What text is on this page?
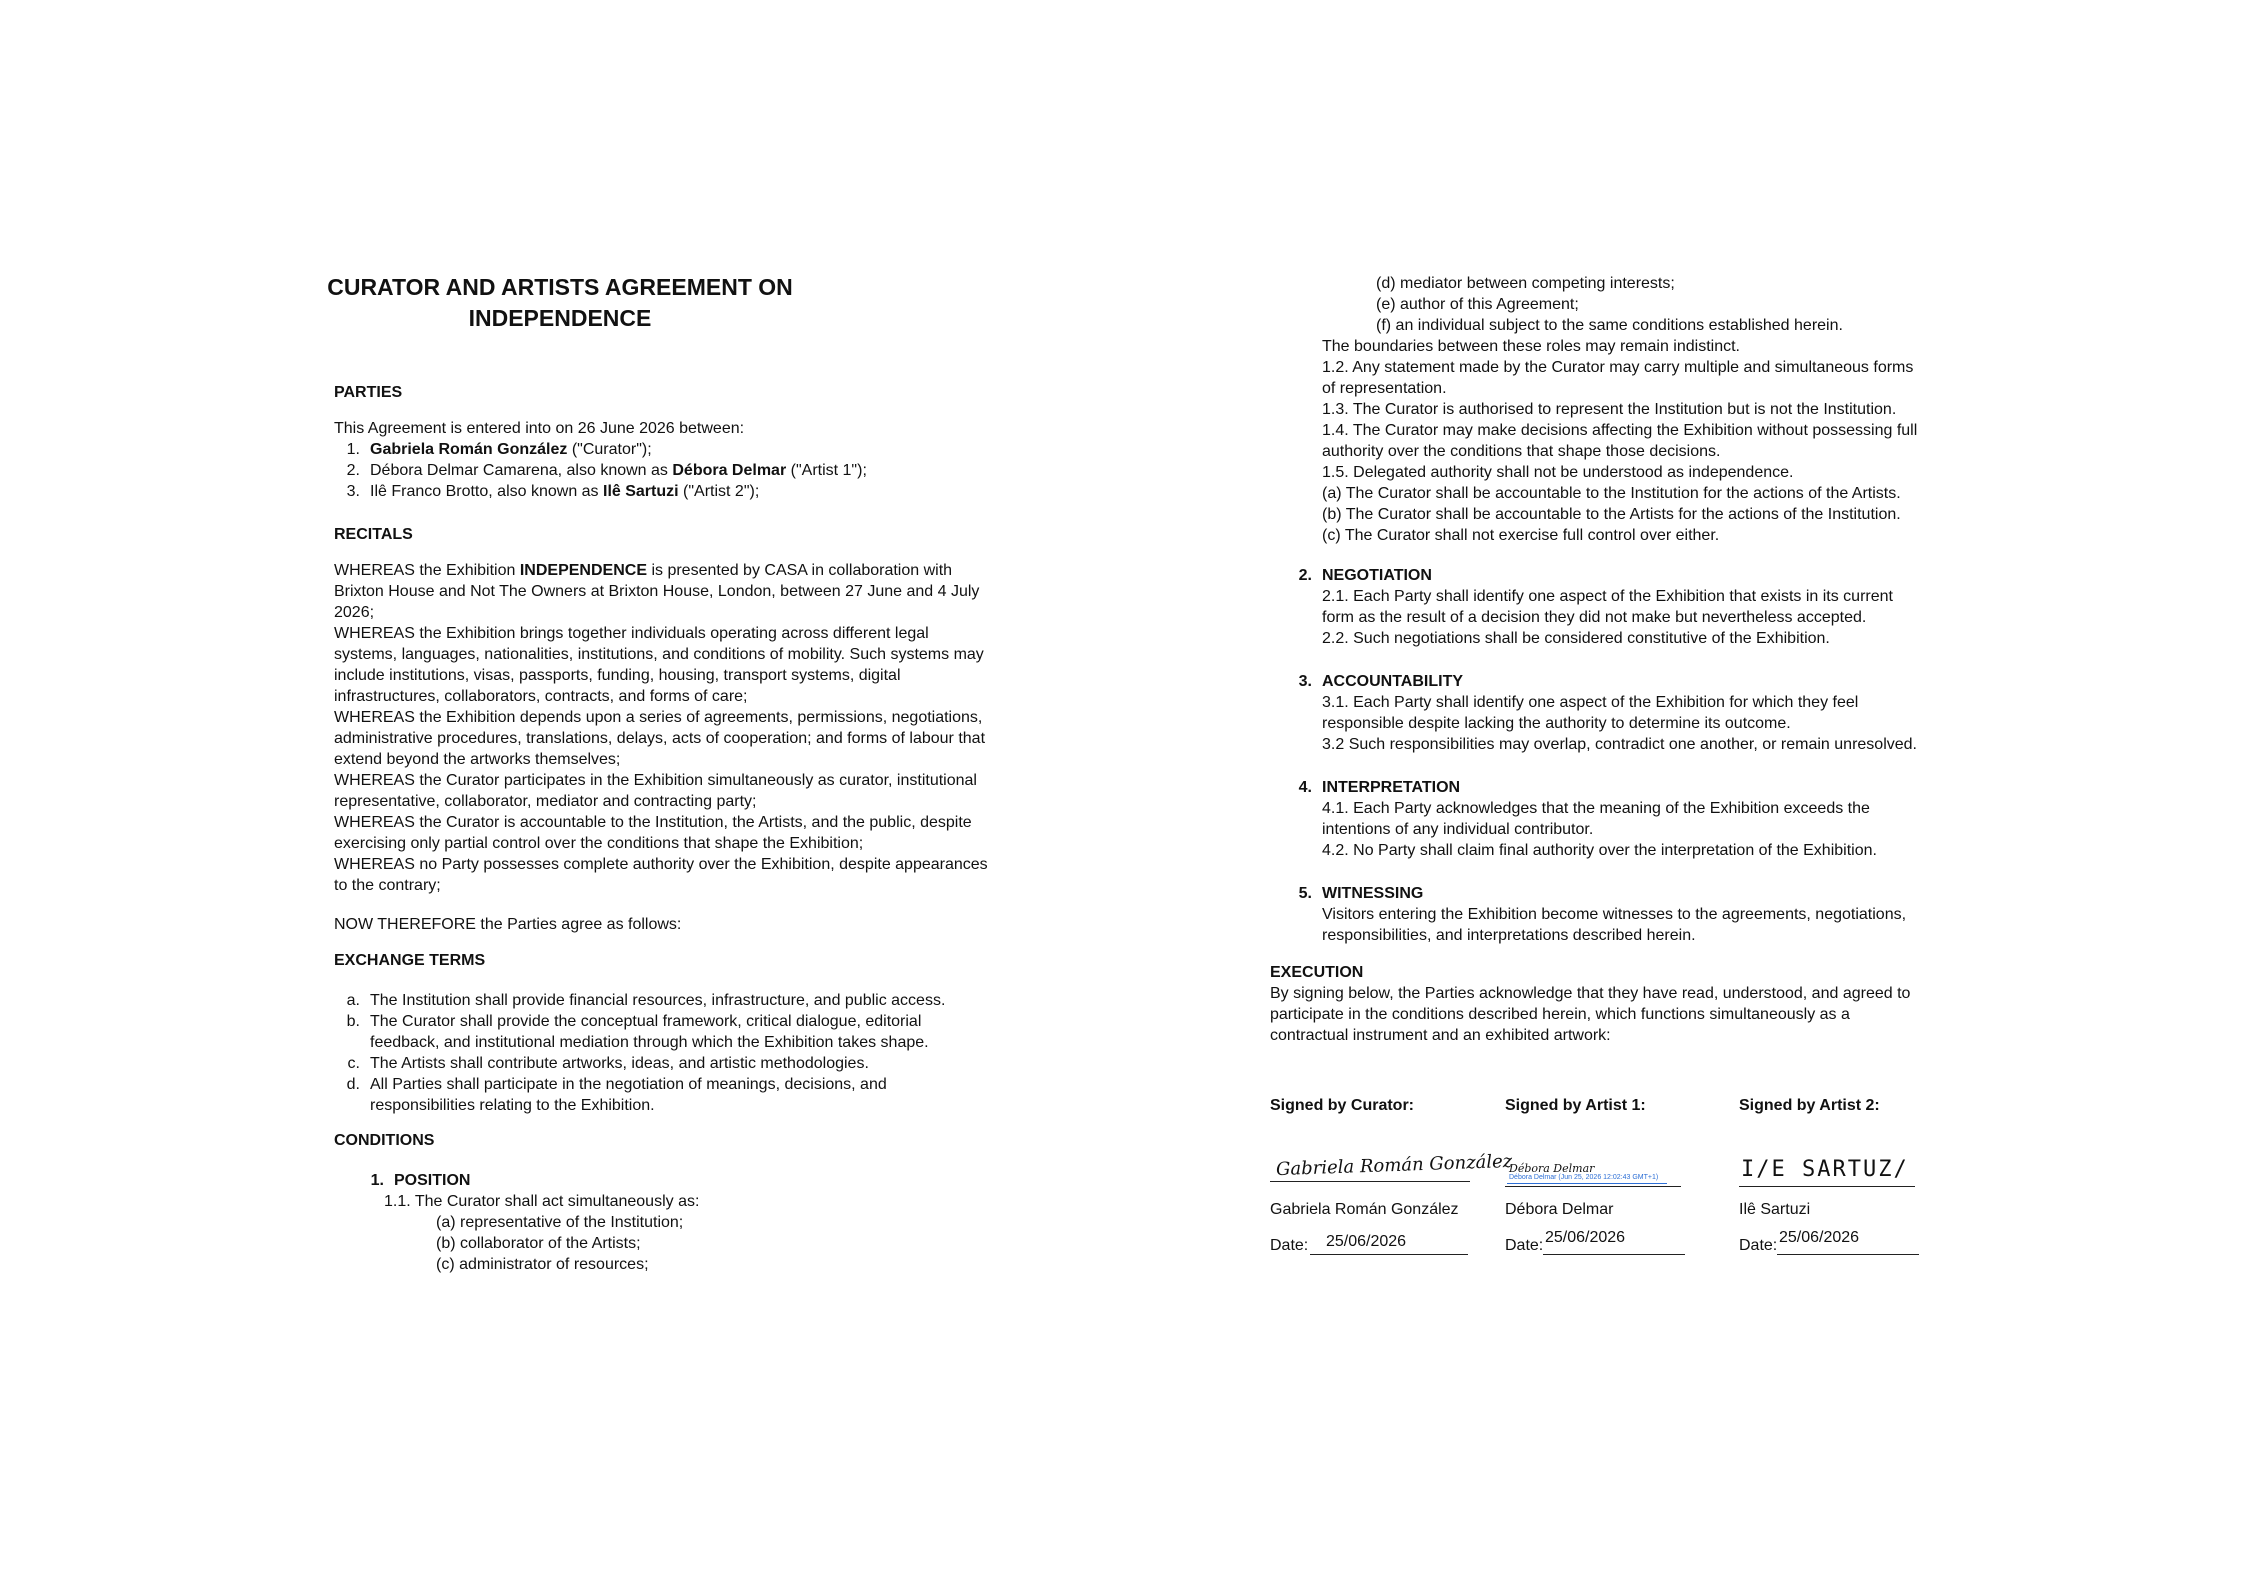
CURATOR AND ARTISTS AGREEMENT ON
INDEPENDENCE
PARTIES
This Agreement is entered into on 26 June 2026 between:
1. Gabriela Román González ("Curator");
2. Débora Delmar Camarena, also known as Débora Delmar ("Artist 1");
3. Ilê Franco Brotto, also known as Ilê Sartuzi ("Artist 2");
RECITALS
WHEREAS the Exhibition INDEPENDENCE is presented by CASA in collaboration with
Brixton House and Not The Owners at Brixton House, London, between 27 June and 4 July
2026;
WHEREAS the Exhibition brings together individuals operating across different legal
systems, languages, nationalities, institutions, and conditions of mobility. Such systems may
include institutions, visas, passports, funding, housing, transport systems, digital
infrastructures, collaborators, contracts, and forms of care;
WHEREAS the Exhibition depends upon a series of agreements, permissions, negotiations,
administrative procedures, translations, delays, acts of cooperation; and forms of labour that
extend beyond the artworks themselves;
WHEREAS the Curator participates in the Exhibition simultaneously as curator, institutional
representative, collaborator, mediator and contracting party;
WHEREAS the Curator is accountable to the Institution, the Artists, and the public, despite
exercising only partial control over the conditions that shape the Exhibition;
WHEREAS no Party possesses complete authority over the Exhibition, despite appearances
to the contrary;
NOW THEREFORE the Parties agree as follows:
EXCHANGE TERMS
a. The Institution shall provide financial resources, infrastructure, and public access.
b. The Curator shall provide the conceptual framework, critical dialogue, editorial
feedback, and institutional mediation through which the Exhibition takes shape.
c. The Artists shall contribute artworks, ideas, and artistic methodologies.
d. All Parties shall participate in the negotiation of meanings, decisions, and
responsibilities relating to the Exhibition.
CONDITIONS
1. POSITION
1.1. The Curator shall act simultaneously as:
(a) representative of the Institution;
(b) collaborator of the Artists;
(c) administrator of resources;
(d) mediator between competing interests;
(e) author of this Agreement;
(f) an individual subject to the same conditions established herein.
The boundaries between these roles may remain indistinct.
1.2. Any statement made by the Curator may carry multiple and simultaneous forms
of representation.
1.3. The Curator is authorised to represent the Institution but is not the Institution.
1.4. The Curator may make decisions affecting the Exhibition without possessing full
authority over the conditions that shape those decisions.
1.5. Delegated authority shall not be understood as independence.
(a) The Curator shall be accountable to the Institution for the actions of the Artists.
(b) The Curator shall be accountable to the Artists for the actions of the Institution.
(c) The Curator shall not exercise full control over either.
2. NEGOTIATION
2.1. Each Party shall identify one aspect of the Exhibition that exists in its current
form as the result of a decision they did not make but nevertheless accepted.
2.2. Such negotiations shall be considered constitutive of the Exhibition.
3. ACCOUNTABILITY
3.1. Each Party shall identify one aspect of the Exhibition for which they feel
responsible despite lacking the authority to determine its outcome.
3.2 Such responsibilities may overlap, contradict one another, or remain unresolved.
4. INTERPRETATION
4.1. Each Party acknowledges that the meaning of the Exhibition exceeds the
intentions of any individual contributor.
4.2. No Party shall claim final authority over the interpretation of the Exhibition.
5. WITNESSING
Visitors entering the Exhibition become witnesses to the agreements, negotiations,
responsibilities, and interpretations described herein.
EXECUTION
By signing below, the Parties acknowledge that they have read, understood, and agreed to
participate in the conditions described herein, which functions simultaneously as a
contractual instrument and an exhibited artwork:
Signed by Curator:
Gabriela Román González
Gabriela Román González
Date: 25/06/2026
Signed by Artist 1:
Débora Delmar
Débora Delmar (Jun 25, 2026 12:02:43 GMT+1)
Débora Delmar
Date: 25/06/2026
Signed by Artist 2:
I/E SARTUZ/
Ilê Sartuzi
Date: 25/06/2026
